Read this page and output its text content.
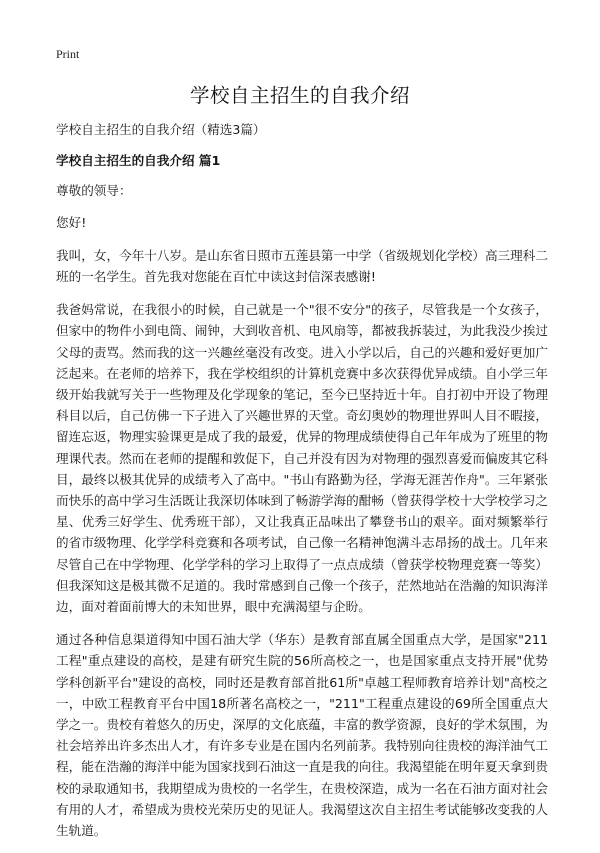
Print
学校自主招生的自我介绍

学校自主招生的自我介绍（精选3篇）

学校自主招生的自我介绍 篇1

尊敬的领导：

您好!

我叫，女，今年十八岁。是山东省日照市五莲县第一中学（省级规划化学校）高三理科二班的一名学生。首先我对您能在百忙中读这封信深表感谢!

我爸妈常说，在我很小的时候，自己就是一个"很不安分"的孩子，尽管我是一个女孩子，但家中的物件小到电筒、闹钟，大到收音机、电风扇等，都被我拆装过，为此我没少挨过父母的责骂。然而我的这一兴趣丝毫没有改变。进入小学以后，自己的兴趣和爱好更加广泛起来。在老师的培养下，我在学校组织的计算机竞赛中多次获得优异成绩。自小学三年级开始我就写关于一些物理及化学现象的笔记，至今已坚持近十年。自打初中开设了物理科目以后，自己仿佛一下子进入了兴趣世界的天堂。奇幻奥妙的物理世界叫人目不暇接，留连忘返，物理实验课更是成了我的最爱，优异的物理成绩使得自己年年成为了班里的物理课代表。然而在老师的提醒和敦促下，自己并没有因为对物理的强烈喜爱而偏废其它科目，最终以极其优异的成绩考入了高中。"书山有路勤为径，学海无涯苦作舟"。三年紧张而快乐的高中学习生活既让我深切体味到了畅游学海的酣畅（曾获得学校十大学校学习之星、优秀三好学生、优秀班干部），又让我真正品味出了攀登书山的艰辛。面对频繁举行的省市级物理、化学学科竞赛和各项考试，自己像一名精神饱满斗志昂扬的战士。几年来尽管自己在中学物理、化学学科的学习上取得了一点点成绩（曾获学校物理竞赛一等奖）但我深知这是极其微不足道的。我时常感到自己像一个孩子，茫然地站在浩瀚的知识海洋边，面对着面前博大的未知世界，眼中充满渴望与企盼。

通过各种信息渠道得知中国石油大学（华东）是教育部直属全国重点大学，是国家"211工程"重点建设的高校，是建有研究生院的56所高校之一，也是国家重点支持开展"优势学科创新平台"建设的高校，同时还是教育部首批61所"卓越工程师教育培养计划"高校之一，中欧工程教育平台中国18所著名高校之一，"211"工程重点建设的69所全国重点大学之一。贵校有着悠久的历史，深厚的文化底蕴，丰富的教学资源，良好的学术氛围，为社会培养出许多杰出人才，有许多专业是在国内名列前茅。我特别向往贵校的海洋油气工程，能在浩瀚的海洋中能为国家找到石油这一直是我的向往。我渴望能在明年夏天拿到贵校的录取通知书，我期望成为贵校的一名学生，在贵校深造，成为一名在石油方面对社会有用的人才，希望成为贵校光荣历史的见证人。我渴望这次自主招生考试能够改变我的人生轨道。
